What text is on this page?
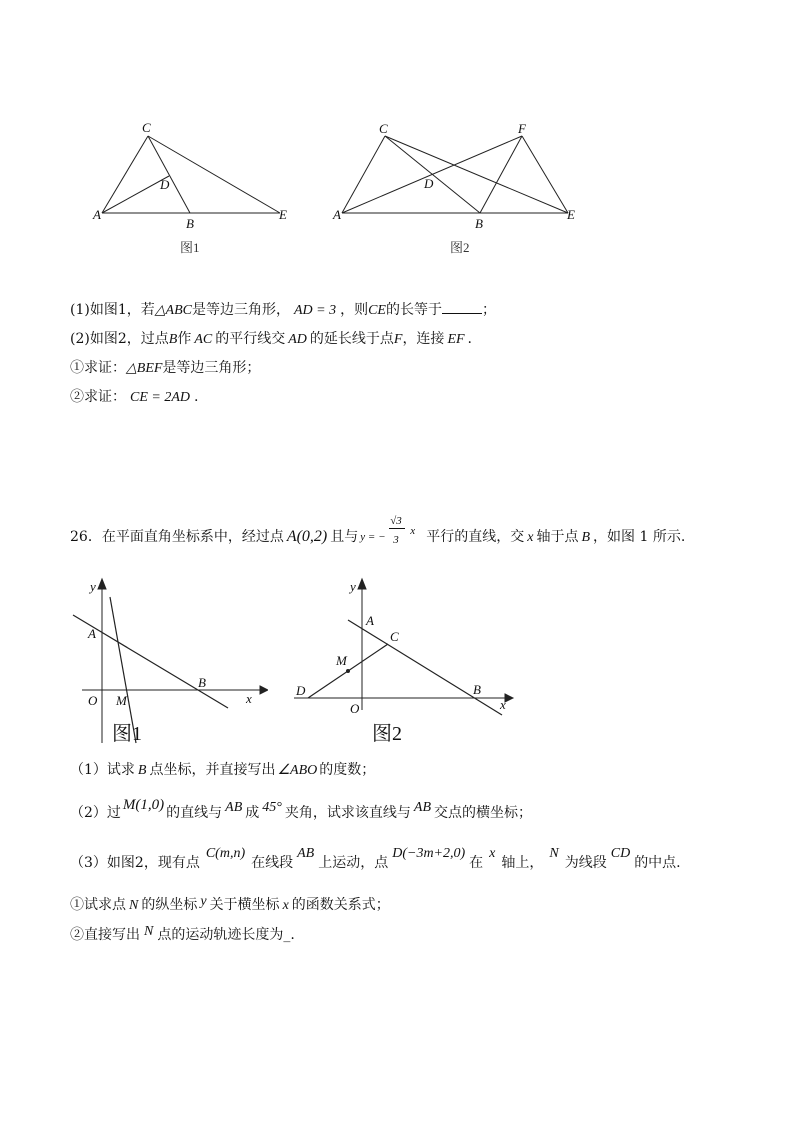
C
D
A
B
E
图1
C	F
D
A
B
E
图2
(1)如图1，若△ABC是等边三角形， AD = 3 ，则CE的长等于	；
(2)如图2，过点B作 AC 的平行线交 AD 的延长线于点F，连接 EF .
①求证：△BEF是等边三角形；
②求证： CE = 2AD .
26．在平面直角坐标系中，经过点 A(0,2) 且与 y = −
√3
3
x 平行的直线，交 x 轴于点 B ，如图 1 所示.
y
A
B
O M	x
图1
y
A
C
M
D	B
O	x
图2
（1）试求 B 点坐标，并直接写出 ∠ABO 的度数；
（2）过 M(1,0) 的直线与 AB 成 45° 夹角，试求该直线与 AB 交点的横坐标；
（3）如图2，现有点C(m,n)在线段AB上运动，点D(−3m+2,0)在x轴上，N为线段CD的中点.
①试求点 N 的纵坐标 y 关于横坐标 x 的函数关系式；
②直接写出 N 点的运动轨迹长度为_.
